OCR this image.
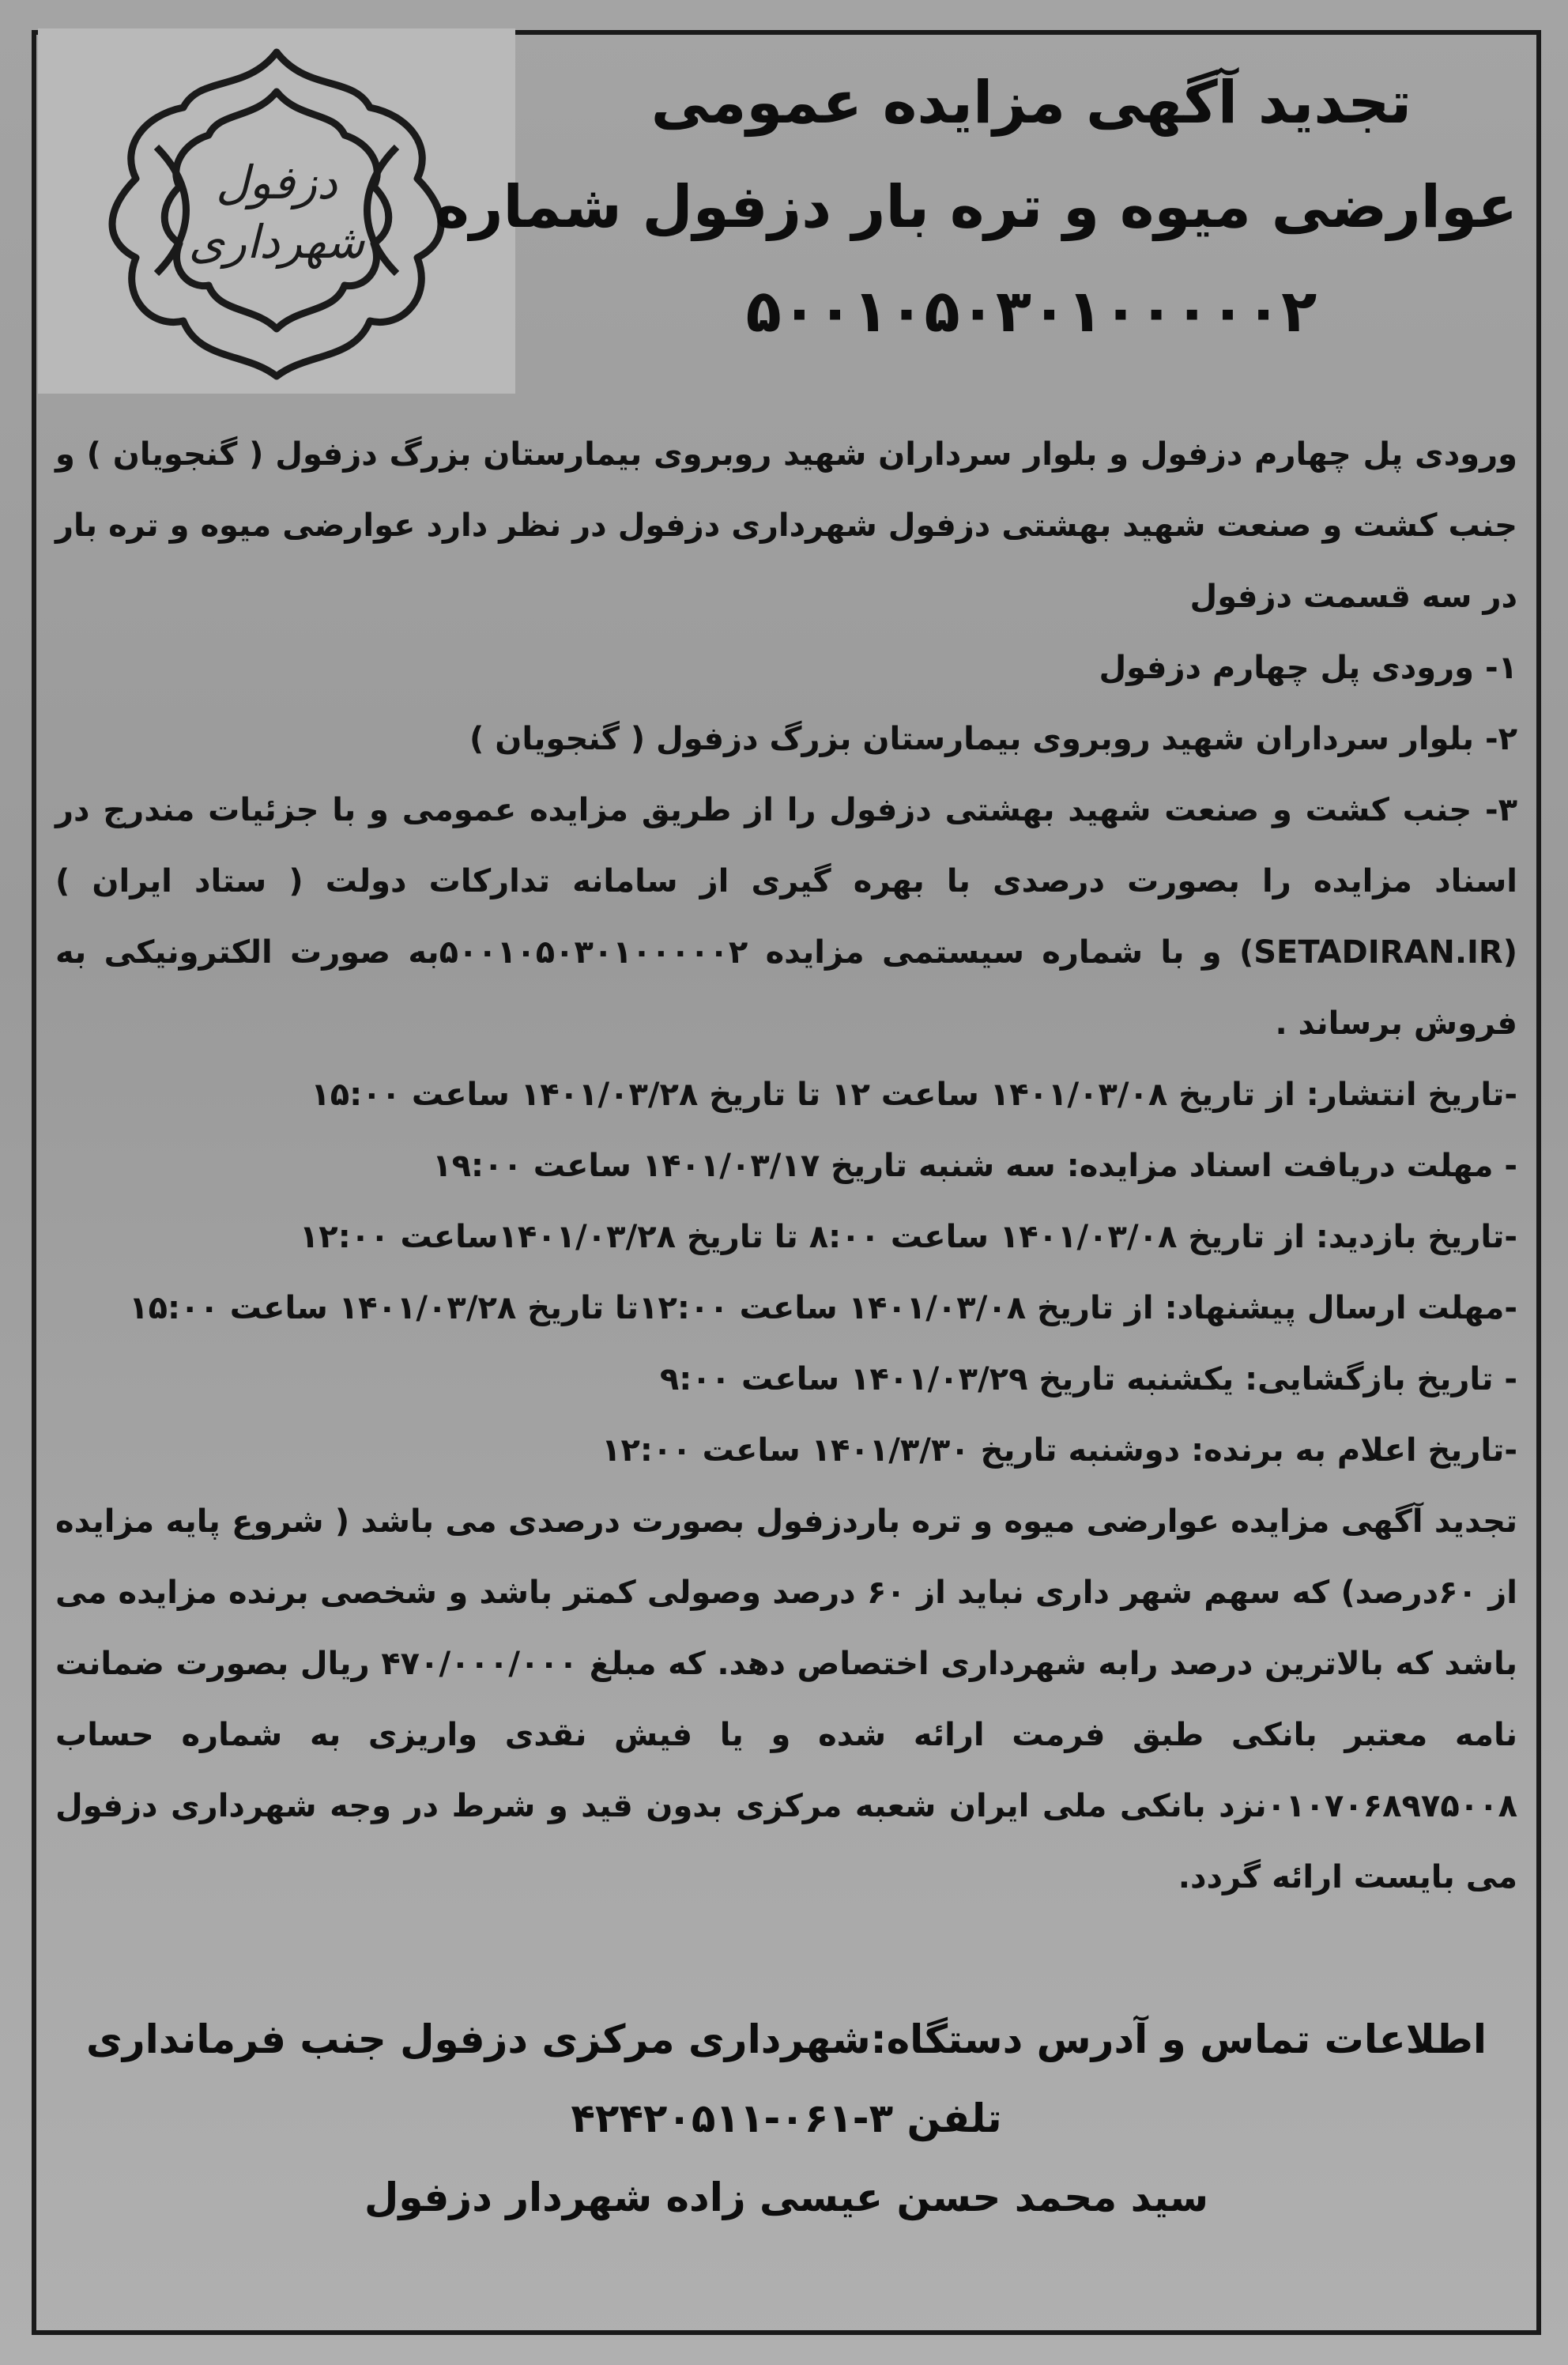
دزفول
شهرداری
تجدید آگهی مزایده عمومی
عوارضی میوه و تره بار دزفول شماره
۵۰۰۱۰۵۰۳۰۱۰۰۰۰۰۲

ورودی پل چهارم دزفول و بلوار سرداران شهید روبروی بیمارستان بزرگ دزفول ( گنجویان ) و جنب کشت و صنعت شهید بهشتی دزفول شهرداری دزفول در نظر دارد عوارضی میوه و تره بار در سه قسمت دزفول

۱- ورودی پل چهارم دزفول

۲- بلوار سرداران شهید روبروی بیمارستان بزرگ دزفول ( گنجویان )

۳- جنب کشت و صنعت شهید بهشتی دزفول را از طریق مزایده عمومی و با جزئیات مندرج در اسناد مزایده را بصورت درصدی با بهره گیری از سامانه تدارکات دولت ( ستاد ایران ) (SETADIRAN.IR) و با شماره سیستمی مزایده ۵۰۰۱۰۵۰۳۰۱۰۰۰۰۰۲به صورت الکترونیکی به فروش برساند .

-تاریخ انتشار: از تاریخ ۱۴۰۱/۰۳/۰۸ ساعت ۱۲ تا تاریخ ۱۴۰۱/۰۳/۲۸ ساعت ۱۵:۰۰

- مهلت دریافت اسناد مزایده: سه شنبه تاریخ ۱۴۰۱/۰۳/۱۷ ساعت ۱۹:۰۰

-تاریخ بازدید: از تاریخ ۱۴۰۱/۰۳/۰۸ ساعت ۸:۰۰ تا تاریخ ۱۴۰۱/۰۳/۲۸ساعت ۱۲:۰۰

-مهلت ارسال پیشنهاد: از تاریخ ۱۴۰۱/۰۳/۰۸ ساعت ۱۲:۰۰تا تاریخ ۱۴۰۱/۰۳/۲۸ ساعت ۱۵:۰۰

- تاریخ بازگشایی: یکشنبه تاریخ ۱۴۰۱/۰۳/۲۹ ساعت ۹:۰۰

-تاریخ اعلام به برنده: دوشنبه تاریخ ۱۴۰۱/۳/۳۰ ساعت ۱۲:۰۰

تجدید آگهی مزایده عوارضی میوه و تره باردزفول بصورت درصدی می باشد ( شروع پایه مزایده از ۶۰درصد) که سهم شهر داری نباید از ۶۰ درصد وصولی کمتر باشد و شخصی برنده مزایده می باشد که بالاترین درصد رابه شهرداری اختصاص دهد. که مبلغ ۴۷۰/۰۰۰/۰۰۰ ریال بصورت ضمانت نامه معتبر بانکی طبق فرمت ارائه شده و یا فیش نقدی واریزی به شماره حساب ۰۱۰۷۰۶۸۹۷۵۰۰۸نزد بانکی ملی ایران شعبه مرکزی بدون قید و شرط در وجه شهرداری دزفول می بایست ارائه گردد.

اطلاعات تماس و آدرس دستگاه:شهرداری مرکزی دزفول جنب فرمانداری
تلفن ۳-۰۶۱-۴۲۴۲۰۵۱۱
سید محمد حسن عیسی زاده شهردار دزفول
